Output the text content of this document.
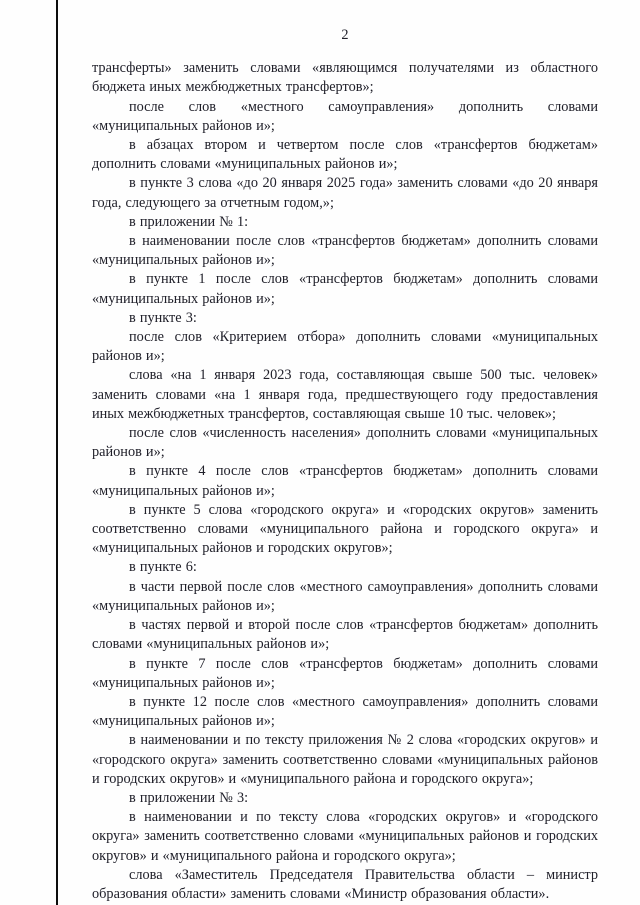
2

трансферты» заменить словами «являющимся получателями из областного бюджета иных межбюджетных трансфертов»;

после слов «местного самоуправления» дополнить словами «муниципальных районов и»;

в абзацах втором и четвертом после слов «трансфертов бюджетам» дополнить словами «муниципальных районов и»;

в пункте 3 слова «до 20 января 2025 года» заменить словами «до 20 января года, следующего за отчетным годом,»;

в приложении № 1:

в наименовании после слов «трансфертов бюджетам» дополнить словами «муниципальных районов и»;

в пункте 1 после слов «трансфертов бюджетам» дополнить словами «муниципальных районов и»;

в пункте 3:

после слов «Критерием отбора» дополнить словами «муниципальных районов и»;

слова «на 1 января 2023 года, составляющая свыше 500 тыс. человек» заменить словами «на 1 января года, предшествующего году предоставления иных межбюджетных трансфертов, составляющая свыше 10 тыс. человек»;

после слов «численность населения» дополнить словами «муниципальных районов и»;

в пункте 4 после слов «трансфертов бюджетам» дополнить словами «муниципальных районов и»;

в пункте 5 слова «городского округа» и «городских округов» заменить соответственно словами «муниципального района и городского округа» и «муниципальных районов и городских округов»;

в пункте 6:

в части первой после слов «местного самоуправления» дополнить словами «муниципальных районов и»;

в частях первой и второй после слов «трансфертов бюджетам» дополнить словами «муниципальных районов и»;

в пункте 7 после слов «трансфертов бюджетам» дополнить словами «муниципальных районов и»;

в пункте 12 после слов «местного самоуправления» дополнить словами «муниципальных районов и»;

в наименовании и по тексту приложения № 2 слова «городских округов» и «городского округа» заменить соответственно словами «муниципальных районов и городских округов» и «муниципального района и городского округа»;

в приложении № 3:

в наименовании и по тексту слова «городских округов» и «городского округа» заменить соответственно словами «муниципальных районов и городских округов» и «муниципального района и городского округа»;

слова «Заместитель Председателя Правительства области – министр образования области» заменить словами «Министр образования области».
